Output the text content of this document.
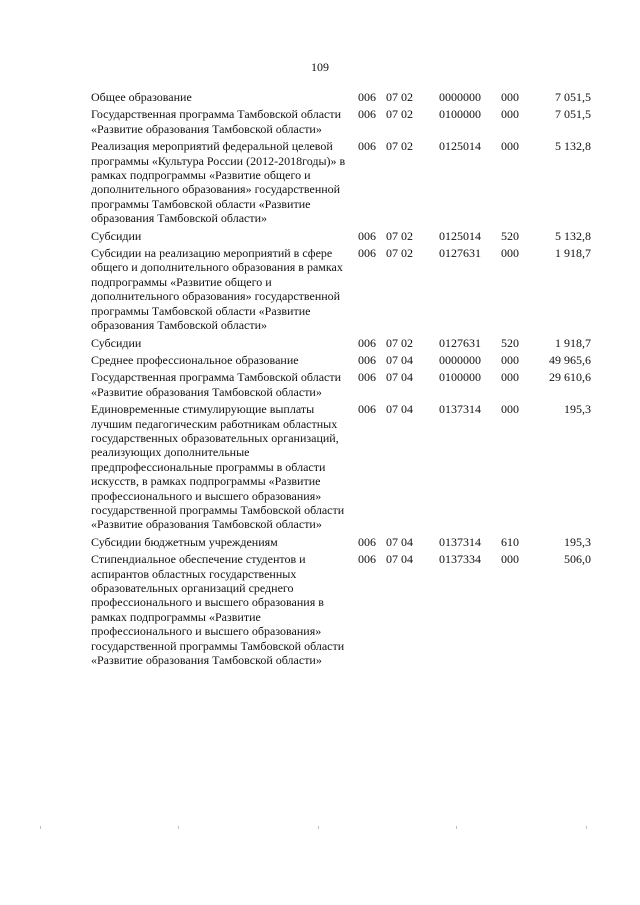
109
Общее образование	006	07 02	0000000	000	7 051,5
Государственная программа Тамбовской области «Развитие образования Тамбовской области»	006	07 02	0100000	000	7 051,5
Реализация мероприятий федеральной целевой программы «Культура России (2012-2018годы)» в рамках подпрограммы «Развитие общего и дополнительного образования» государственной программы Тамбовской области «Развитие образования Тамбовской области»	006	07 02	0125014	000	5 132,8
Субсидии	006	07 02	0125014	520	5 132,8
Субсидии на реализацию мероприятий в сфере общего и дополнительного образования в рамках подпрограммы «Развитие общего и дополнительного образования» государственной программы Тамбовской области «Развитие образования Тамбовской области»	006	07 02	0127631	000	1 918,7
Субсидии	006	07 02	0127631	520	1 918,7
Среднее профессиональное образование	006	07 04	0000000	000	49 965,6
Государственная программа Тамбовской области «Развитие образования Тамбовской области»	006	07 04	0100000	000	29 610,6
Единовременные стимулирующие выплаты лучшим педагогическим работникам областных государственных образовательных организаций, реализующих дополнительные предпрофессиональные программы в области искусств, в рамках подпрограммы «Развитие профессионального и высшего образования» государственной программы Тамбовской области «Развитие образования Тамбовской области»	006	07 04	0137314	000	195,3
Субсидии бюджетным учреждениям	006	07 04	0137314	610	195,3
Стипендиальное обеспечение студентов и аспирантов областных государственных образовательных организаций среднего профессионального и высшего образования в рамках подпрограммы «Развитие профессионального и высшего образования» государственной программы Тамбовской области «Развитие образования Тамбовской области»	006	07 04	0137334	000	506,0
